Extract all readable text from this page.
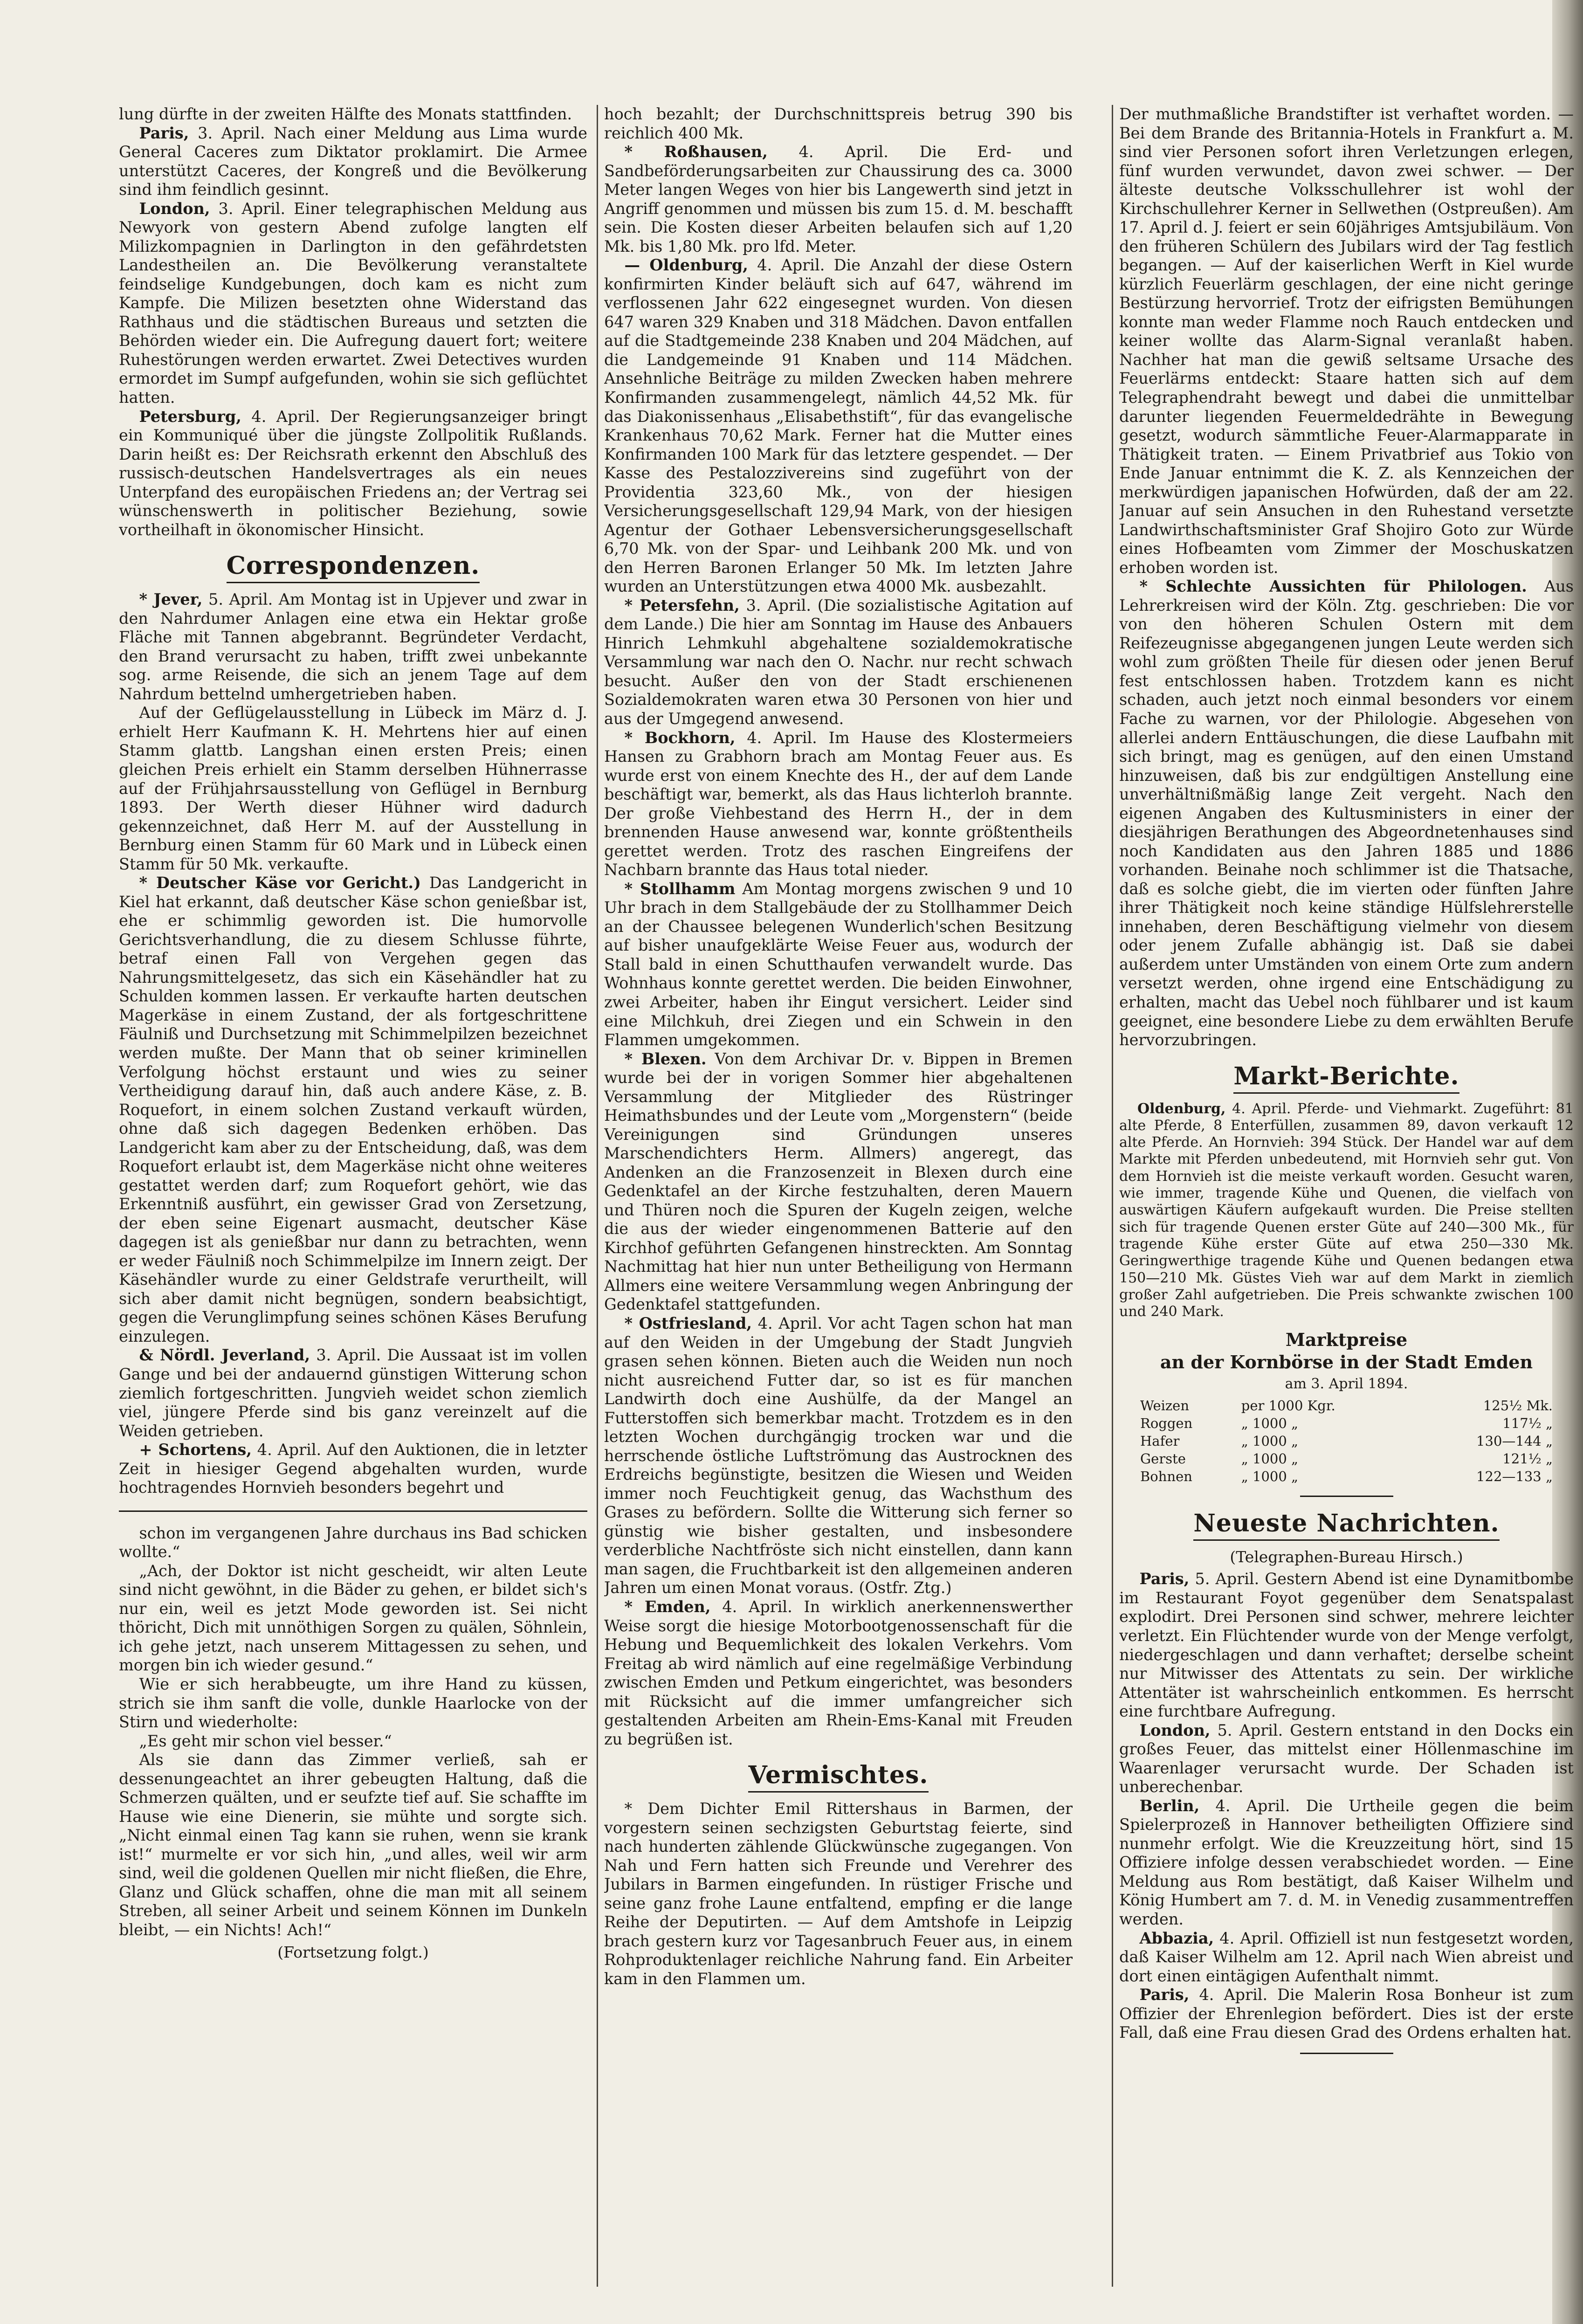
lung dürfte in der zweiten Hälfte des Monats stattfinden.

Paris, 3. April. Nach einer Meldung aus Lima wurde General Caceres zum Diktator proklamirt. Die Armee unterstützt Caceres, der Kongreß und die Bevölkerung sind ihm feindlich gesinnt.

London, 3. April. Einer telegraphischen Meldung aus Newyork von gestern Abend zufolge langten elf Milizkompagnien in Darlington in den gefährdetsten Landestheilen an. Die Bevölkerung veranstaltete feindselige Kundgebungen, doch kam es nicht zum Kampfe. Die Milizen besetzten ohne Widerstand das Rathhaus und die städtischen Bureaus und setzten die Behörden wieder ein. Die Aufregung dauert fort; weitere Ruhestörungen werden erwartet. Zwei Detectives wurden ermordet im Sumpf aufgefunden, wohin sie sich geflüchtet hatten.

Petersburg, 4. April. Der Regierungsanzeiger bringt ein Kommuniqué über die jüngste Zollpolitik Rußlands. Darin heißt es: Der Reichsrath erkennt den Abschluß des russisch-deutschen Handelsvertrages als ein neues Unterpfand des europäischen Friedens an; der Vertrag sei wünschenswerth in politischer Beziehung, sowie vortheilhaft in ökonomischer Hinsicht.

Correspondenzen.

* Jever, 5. April. Am Montag ist in Upjever und zwar in den Nahrdumer Anlagen eine etwa ein Hektar große Fläche mit Tannen abgebrannt. Begründeter Verdacht, den Brand verursacht zu haben, trifft zwei unbekannte sog. arme Reisende, die sich an jenem Tage auf dem Nahrdum bettelnd umhergetrieben haben.

Auf der Geflügelausstellung in Lübeck im März d. J. erhielt Herr Kaufmann K. H. Mehrtens hier auf einen Stamm glattb. Langshan einen ersten Preis; einen gleichen Preis erhielt ein Stamm derselben Hühnerrasse auf der Frühjahrsausstellung von Geflügel in Bernburg 1893. Der Werth dieser Hühner wird dadurch gekennzeichnet, daß Herr M. auf der Ausstellung in Bernburg einen Stamm für 60 Mark und in Lübeck einen Stamm für 50 Mk. verkaufte.

* Deutscher Käse vor Gericht.) Das Landgericht in Kiel hat erkannt, daß deutscher Käse schon genießbar ist, ehe er schimmlig geworden ist. Die humorvolle Gerichtsverhandlung, die zu diesem Schlusse führte, betraf einen Fall von Vergehen gegen das Nahrungsmittelgesetz, das sich ein Käsehändler hat zu Schulden kommen lassen. Er verkaufte harten deutschen Magerkäse in einem Zustand, der als fortgeschrittene Fäulniß und Durchsetzung mit Schimmelpilzen bezeichnet werden mußte. Der Mann that ob seiner kriminellen Verfolgung höchst erstaunt und wies zu seiner Vertheidigung darauf hin, daß auch andere Käse, z. B. Roquefort, in einem solchen Zustand verkauft würden, ohne daß sich dagegen Bedenken erhöben. Das Landgericht kam aber zu der Entscheidung, daß, was dem Roquefort erlaubt ist, dem Magerkäse nicht ohne weiteres gestattet werden darf; zum Roquefort gehört, wie das Erkenntniß ausführt, ein gewisser Grad von Zersetzung, der eben seine Eigenart ausmacht, deutscher Käse dagegen ist als genießbar nur dann zu betrachten, wenn er weder Fäulniß noch Schimmelpilze im Innern zeigt. Der Käsehändler wurde zu einer Geldstrafe verurtheilt, will sich aber damit nicht begnügen, sondern beabsichtigt, gegen die Verunglimpfung seines schönen Käses Berufung einzulegen.

& Nördl. Jeverland, 3. April. Die Aussaat ist im vollen Gange und bei der andauernd günstigen Witterung schon ziemlich fortgeschritten. Jungvieh weidet schon ziemlich viel, jüngere Pferde sind bis ganz vereinzelt auf die Weiden getrieben.

+ Schortens, 4. April. Auf den Auktionen, die in letzter Zeit in hiesiger Gegend abgehalten wurden, wurde hochtragendes Hornvieh besonders begehrt und

schon im vergangenen Jahre durchaus ins Bad schicken wollte.“

„Ach, der Doktor ist nicht gescheidt, wir alten Leute sind nicht gewöhnt, in die Bäder zu gehen, er bildet sich's nur ein, weil es jetzt Mode geworden ist. Sei nicht thöricht, Dich mit unnöthigen Sorgen zu quälen, Söhnlein, ich gehe jetzt, nach unserem Mittagessen zu sehen, und morgen bin ich wieder gesund.“

Wie er sich herabbeugte, um ihre Hand zu küssen, strich sie ihm sanft die volle, dunkle Haarlocke von der Stirn und wiederholte:

„Es geht mir schon viel besser.“

Als sie dann das Zimmer verließ, sah er dessenungeachtet an ihrer gebeugten Haltung, daß die Schmerzen quälten, und er seufzte tief auf. Sie schaffte im Hause wie eine Dienerin, sie mühte und sorgte sich. „Nicht einmal einen Tag kann sie ruhen, wenn sie krank ist!“ murmelte er vor sich hin, „und alles, weil wir arm sind, weil die goldenen Quellen mir nicht fließen, die Ehre, Glanz und Glück schaffen, ohne die man mit all seinem Streben, all seiner Arbeit und seinem Können im Dunkeln bleibt, — ein Nichts! Ach!“

(Fortsetzung folgt.)

hoch bezahlt; der Durchschnittspreis betrug 390 bis reichlich 400 Mk.

* Roßhausen, 4. April. Die Erd- und Sandbeförderungsarbeiten zur Chaussirung des ca. 3000 Meter langen Weges von hier bis Langewerth sind jetzt in Angriff genommen und müssen bis zum 15. d. M. beschafft sein. Die Kosten dieser Arbeiten belaufen sich auf 1,20 Mk. bis 1,80 Mk. pro lfd. Meter.

— Oldenburg, 4. April. Die Anzahl der diese Ostern konfirmirten Kinder beläuft sich auf 647, während im verflossenen Jahr 622 eingesegnet wurden. Von diesen 647 waren 329 Knaben und 318 Mädchen. Davon entfallen auf die Stadtgemeinde 238 Knaben und 204 Mädchen, auf die Landgemeinde 91 Knaben und 114 Mädchen. Ansehnliche Beiträge zu milden Zwecken haben mehrere Konfirmanden zusammengelegt, nämlich 44,52 Mk. für das Diakonissenhaus „Elisabethstift“, für das evangelische Krankenhaus 70,62 Mark. Ferner hat die Mutter eines Konfirmanden 100 Mark für das letztere gespendet. — Der Kasse des Pestalozzivereins sind zugeführt von der Providentia 323,60 Mk., von der hiesigen Versicherungsgesellschaft 129,94 Mark, von der hiesigen Agentur der Gothaer Lebensversicherungsgesellschaft 6,70 Mk. von der Spar- und Leihbank 200 Mk. und von den Herren Baronen Erlanger 50 Mk. Im letzten Jahre wurden an Unterstützungen etwa 4000 Mk. ausbezahlt.

* Petersfehn, 3. April. (Die sozialistische Agitation auf dem Lande.) Die hier am Sonntag im Hause des Anbauers Hinrich Lehmkuhl abgehaltene sozialdemokratische Versammlung war nach den O. Nachr. nur recht schwach besucht. Außer den von der Stadt erschienenen Sozialdemokraten waren etwa 30 Personen von hier und aus der Umgegend anwesend.

* Bockhorn, 4. April. Im Hause des Klostermeiers Hansen zu Grabhorn brach am Montag Feuer aus. Es wurde erst von einem Knechte des H., der auf dem Lande beschäftigt war, bemerkt, als das Haus lichterloh brannte. Der große Viehbestand des Herrn H., der in dem brennenden Hause anwesend war, konnte größtentheils gerettet werden. Trotz des raschen Eingreifens der Nachbarn brannte das Haus total nieder.

* Stollhamm Am Montag morgens zwischen 9 und 10 Uhr brach in dem Stallgebäude der zu Stollhammer Deich an der Chaussee belegenen Wunderlich'schen Besitzung auf bisher unaufgeklärte Weise Feuer aus, wodurch der Stall bald in einen Schutthaufen verwandelt wurde. Das Wohnhaus konnte gerettet werden. Die beiden Einwohner, zwei Arbeiter, haben ihr Eingut versichert. Leider sind eine Milchkuh, drei Ziegen und ein Schwein in den Flammen umgekommen.

* Blexen. Von dem Archivar Dr. v. Bippen in Bremen wurde bei der in vorigen Sommer hier abgehaltenen Versammlung der Mitglieder des Rüstringer Heimathsbundes und der Leute vom „Morgenstern“ (beide Vereinigungen sind Gründungen unseres Marschendichters Herm. Allmers) angeregt, das Andenken an die Franzosenzeit in Blexen durch eine Gedenktafel an der Kirche festzuhalten, deren Mauern und Thüren noch die Spuren der Kugeln zeigen, welche die aus der wieder eingenommenen Batterie auf den Kirchhof geführten Gefangenen hinstreckten. Am Sonntag Nachmittag hat hier nun unter Betheiligung von Hermann Allmers eine weitere Versammlung wegen Anbringung der Gedenktafel stattgefunden.

* Ostfriesland, 4. April. Vor acht Tagen schon hat man auf den Weiden in der Umgebung der Stadt Jungvieh grasen sehen können. Bieten auch die Weiden nun noch nicht ausreichend Futter dar, so ist es für manchen Landwirth doch eine Aushülfe, da der Mangel an Futterstoffen sich bemerkbar macht. Trotzdem es in den letzten Wochen durchgängig trocken war und die herrschende östliche Luftströmung das Austrocknen des Erdreichs begünstigte, besitzen die Wiesen und Weiden immer noch Feuchtigkeit genug, das Wachsthum des Grases zu befördern. Sollte die Witterung sich ferner so günstig wie bisher gestalten, und insbesondere verderbliche Nachtfröste sich nicht einstellen, dann kann man sagen, die Fruchtbarkeit ist den allgemeinen anderen Jahren um einen Monat voraus. (Ostfr. Ztg.)

* Emden, 4. April. In wirklich anerkennenswerther Weise sorgt die hiesige Motorbootgenossenschaft für die Hebung und Bequemlichkeit des lokalen Verkehrs. Vom Freitag ab wird nämlich auf eine regelmäßige Verbindung zwischen Emden und Petkum eingerichtet, was besonders mit Rücksicht auf die immer umfangreicher sich gestaltenden Arbeiten am Rhein-Ems-Kanal mit Freuden zu begrüßen ist.

Vermischtes.

* Dem Dichter Emil Rittershaus in Barmen, der vorgestern seinen sechzigsten Geburtstag feierte, sind nach hunderten zählende Glückwünsche zugegangen. Von Nah und Fern hatten sich Freunde und Verehrer des Jubilars in Barmen eingefunden. In rüstiger Frische und seine ganz frohe Laune entfaltend, empfing er die lange Reihe der Deputirten. — Auf dem Amtshofe in Leipzig brach gestern kurz vor Tagesanbruch Feuer aus, in einem Rohproduktenlager reichliche Nahrung fand. Ein Arbeiter kam in den Flammen um.

Der muthmaßliche Brandstifter ist verhaftet worden. — Bei dem Brande des Britannia-Hotels in Frankfurt a. M. sind vier Personen sofort ihren Verletzungen erlegen, fünf wurden verwundet, davon zwei schwer. — Der älteste deutsche Volksschullehrer ist wohl der Kirchschullehrer Kerner in Sellwethen (Ostpreußen). Am 17. April d. J. feiert er sein 60jähriges Amtsjubiläum. Von den früheren Schülern des Jubilars wird der Tag festlich begangen. — Auf der kaiserlichen Werft in Kiel wurde kürzlich Feuerlärm geschlagen, der eine nicht geringe Bestürzung hervorrief. Trotz der eifrigsten Bemühungen konnte man weder Flamme noch Rauch entdecken und keiner wollte das Alarm-Signal veranlaßt haben. Nachher hat man die gewiß seltsame Ursache des Feuerlärms entdeckt: Staare hatten sich auf dem Telegraphendraht bewegt und dabei die unmittelbar darunter liegenden Feuermeldedrähte in Bewegung gesetzt, wodurch sämmtliche Feuer-Alarmapparate in Thätigkeit traten. — Einem Privatbrief aus Tokio von Ende Januar entnimmt die K. Z. als Kennzeichen der merkwürdigen japanischen Hofwürden, daß der am 22. Januar auf sein Ansuchen in den Ruhestand versetzte Landwirthschaftsminister Graf Shojiro Goto zur Würde eines Hofbeamten vom Zimmer der Moschuskatzen erhoben worden ist.

* Schlechte Aussichten für Philologen. Aus Lehrerkreisen wird der Köln. Ztg. geschrieben: Die vor von den höheren Schulen Ostern mit dem Reifezeugnisse abgegangenen jungen Leute werden sich wohl zum größten Theile für diesen oder jenen Beruf fest entschlossen haben. Trotzdem kann es nicht schaden, auch jetzt noch einmal besonders vor einem Fache zu warnen, vor der Philologie. Abgesehen von allerlei andern Enttäuschungen, die diese Laufbahn mit sich bringt, mag es genügen, auf den einen Umstand hinzuweisen, daß bis zur endgültigen Anstellung eine unverhältnißmäßig lange Zeit vergeht. Nach den eigenen Angaben des Kultusministers in einer der diesjährigen Berathungen des Abgeordnetenhauses sind noch Kandidaten aus den Jahren 1885 und 1886 vorhanden. Beinahe noch schlimmer ist die Thatsache, daß es solche giebt, die im vierten oder fünften Jahre ihrer Thätigkeit noch keine ständige Hülfslehrerstelle innehaben, deren Beschäftigung vielmehr von diesem oder jenem Zufalle abhängig ist. Daß sie dabei außerdem unter Umständen von einem Orte zum andern versetzt werden, ohne irgend eine Entschädigung zu erhalten, macht das Uebel noch fühlbarer und ist kaum geeignet, eine besondere Liebe zu dem erwählten Berufe hervorzubringen.

Markt-Berichte.

Oldenburg, 4. April. Pferde- und Viehmarkt. Zugeführt: 81 alte Pferde, 8 Enterfüllen, zusammen 89, davon verkauft 12 alte Pferde. An Hornvieh: 394 Stück. Der Handel war auf dem Markte mit Pferden unbedeutend, mit Hornvieh sehr gut. Von dem Hornvieh ist die meiste verkauft worden. Gesucht waren, wie immer, tragende Kühe und Quenen, die vielfach von auswärtigen Käufern aufgekauft wurden. Die Preise stellten sich für tragende Quenen erster Güte auf 240—300 Mk., für tragende Kühe erster Güte auf etwa 250—330 Mk. Geringwerthige tragende Kühe und Quenen bedangen etwa 150—210 Mk. Güstes Vieh war auf dem Markt in ziemlich großer Zahl aufgetrieben. Die Preis schwankte zwischen 100 und 240 Mark.

Marktpreise
an der Kornbörse in der Stadt Emden
am 3. April 1894.
Weizen	per 1000 Kgr.	125½ Mk.
Roggen	„ 1000 „	117½ „
Hafer	„ 1000 „	130—144 „
Gerste	„ 1000 „	121½ „
Bohnen	„ 1000 „	122—133 „
Neueste Nachrichten.
(Telegraphen-Bureau Hirsch.)

Paris, 5. April. Gestern Abend ist eine Dynamitbombe im Restaurant Foyot gegenüber dem Senatspalast explodirt. Drei Personen sind schwer, mehrere leichter verletzt. Ein Flüchtender wurde von der Menge verfolgt, niedergeschlagen und dann verhaftet; derselbe scheint nur Mitwisser des Attentats zu sein. Der wirkliche Attentäter ist wahrscheinlich entkommen. Es herrscht eine furchtbare Aufregung.

London, 5. April. Gestern entstand in den Docks ein großes Feuer, das mittelst einer Höllenmaschine im Waarenlager verursacht wurde. Der Schaden ist unberechenbar.

Berlin, 4. April. Die Urtheile gegen die beim Spielerprozeß in Hannover betheiligten Offiziere sind nunmehr erfolgt. Wie die Kreuzzeitung hört, sind 15 Offiziere infolge dessen verabschiedet worden. — Eine Meldung aus Rom bestätigt, daß Kaiser Wilhelm und König Humbert am 7. d. M. in Venedig zusammentreffen werden.

Abbazia, 4. April. Offiziell ist nun festgesetzt worden, daß Kaiser Wilhelm am 12. April nach Wien abreist und dort einen eintägigen Aufenthalt nimmt.

Paris, 4. April. Die Malerin Rosa Bonheur ist zum Offizier der Ehrenlegion befördert. Dies ist der erste Fall, daß eine Frau diesen Grad des Ordens erhalten hat.
